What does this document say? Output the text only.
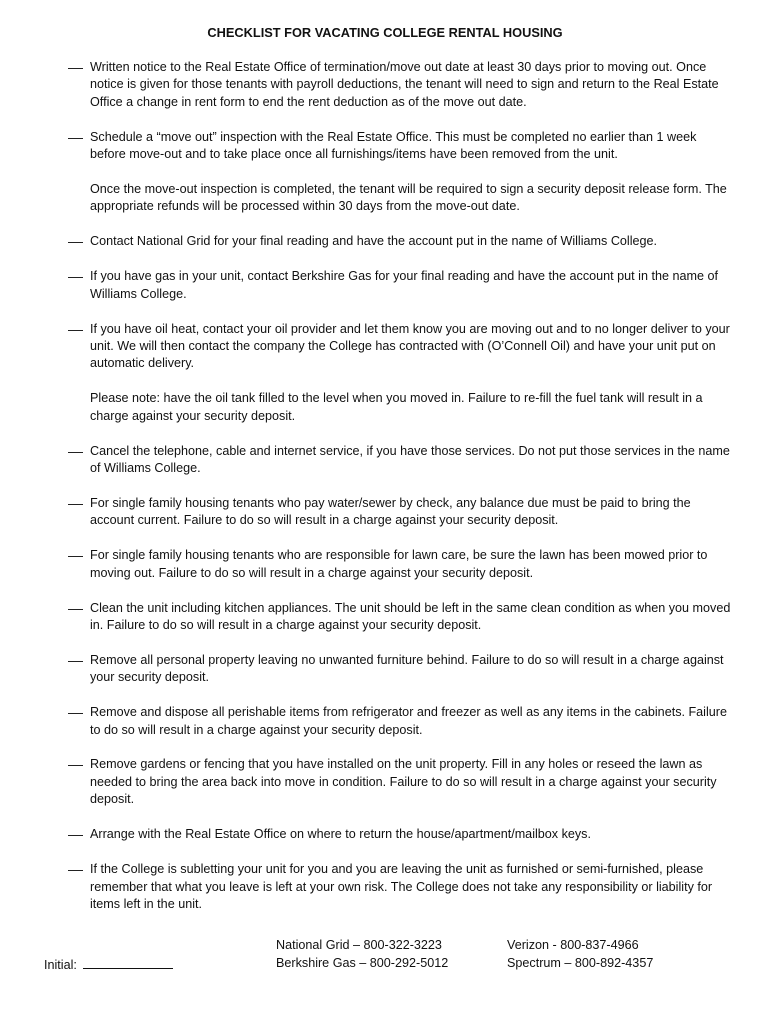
CHECKLIST FOR VACATING COLLEGE RENTAL HOUSING

Written notice to the Real Estate Office of termination/move out date at least 30 days prior to moving out. Once notice is given for those tenants with payroll deductions, the tenant will need to sign and return to the Real Estate Office a change in rent form to end the rent deduction as of the move out date.

Schedule a “move out” inspection with the Real Estate Office. This must be completed no earlier than 1 week before move-out and to take place once all furnishings/items have been removed from the unit.

Once the move-out inspection is completed, the tenant will be required to sign a security deposit release form. The appropriate refunds will be processed within 30 days from the move-out date.

Contact National Grid for your final reading and have the account put in the name of Williams College.

If you have gas in your unit, contact Berkshire Gas for your final reading and have the account put in the name of Williams College.

If you have oil heat, contact your oil provider and let them know you are moving out and to no longer deliver to your unit. We will then contact the company the College has contracted with (O’Connell Oil) and have your unit put on automatic delivery.

Please note: have the oil tank filled to the level when you moved in. Failure to re-fill the fuel tank will result in a charge against your security deposit.

Cancel the telephone, cable and internet service, if you have those services. Do not put those services in the name of Williams College.

For single family housing tenants who pay water/sewer by check, any balance due must be paid to bring the account current. Failure to do so will result in a charge against your security deposit.

For single family housing tenants who are responsible for lawn care, be sure the lawn has been mowed prior to moving out. Failure to do so will result in a charge against your security deposit.

Clean the unit including kitchen appliances. The unit should be left in the same clean condition as when you moved in. Failure to do so will result in a charge against your security deposit.

Remove all personal property leaving no unwanted furniture behind. Failure to do so will result in a charge against your security deposit.

Remove and dispose all perishable items from refrigerator and freezer as well as any items in the cabinets. Failure to do so will result in a charge against your security deposit.

Remove gardens or fencing that you have installed on the unit property. Fill in any holes or reseed the lawn as needed to bring the area back into move in condition. Failure to do so will result in a charge against your security deposit.

Arrange with the Real Estate Office on where to return the house/apartment/mailbox keys.

If the College is subletting your unit for you and you are leaving the unit as furnished or semi-furnished, please remember that what you leave is left at your own risk. The College does not take any responsibility or liability for items left in the unit.

Initial:
National Grid – 800-322-3223
Berkshire Gas – 800-292-5012
Verizon - 800-837-4966
Spectrum – 800-892-4357
